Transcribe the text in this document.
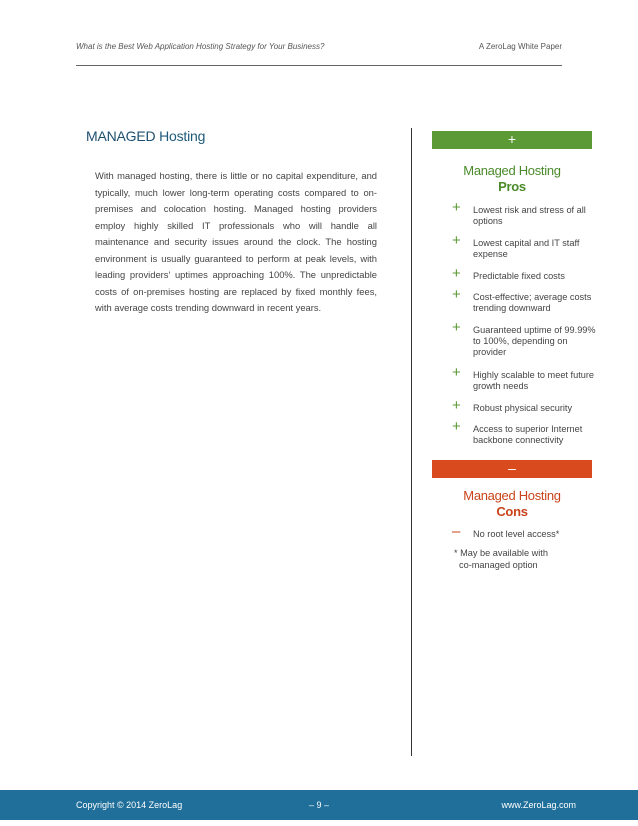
What is the Best Web Application Hosting Strategy for Your Business?	A ZeroLag White Paper
MANAGED Hosting
With managed hosting, there is little or no capital expenditure, and typically, much lower long-term operating costs compared to on-premises and colocation hosting. Managed hosting providers employ highly skilled IT professionals who will handle all maintenance and security issues around the clock. The hosting environment is usually guaranteed to perform at peak levels, with leading providers' uptimes approaching 100%. The unpredictable costs of on-premises hosting are replaced by fixed monthly fees, with average costs trending downward in recent years.
+
Managed Hosting
Pros
+ Lowest risk and stress of all options
+ Lowest capital and IT staff expense
+ Predictable fixed costs
+ Cost-effective; average costs trending downward
+ Guaranteed uptime of 99.99% to 100%, depending on provider
+ Highly scalable to meet future growth needs
+ Robust physical security
+ Access to superior Internet backbone connectivity
–
Managed Hosting
Cons
– No root level access*
* May be available with
co-managed option
Copyright © 2014 ZeroLag	– 9 –	www.ZeroLag.com
